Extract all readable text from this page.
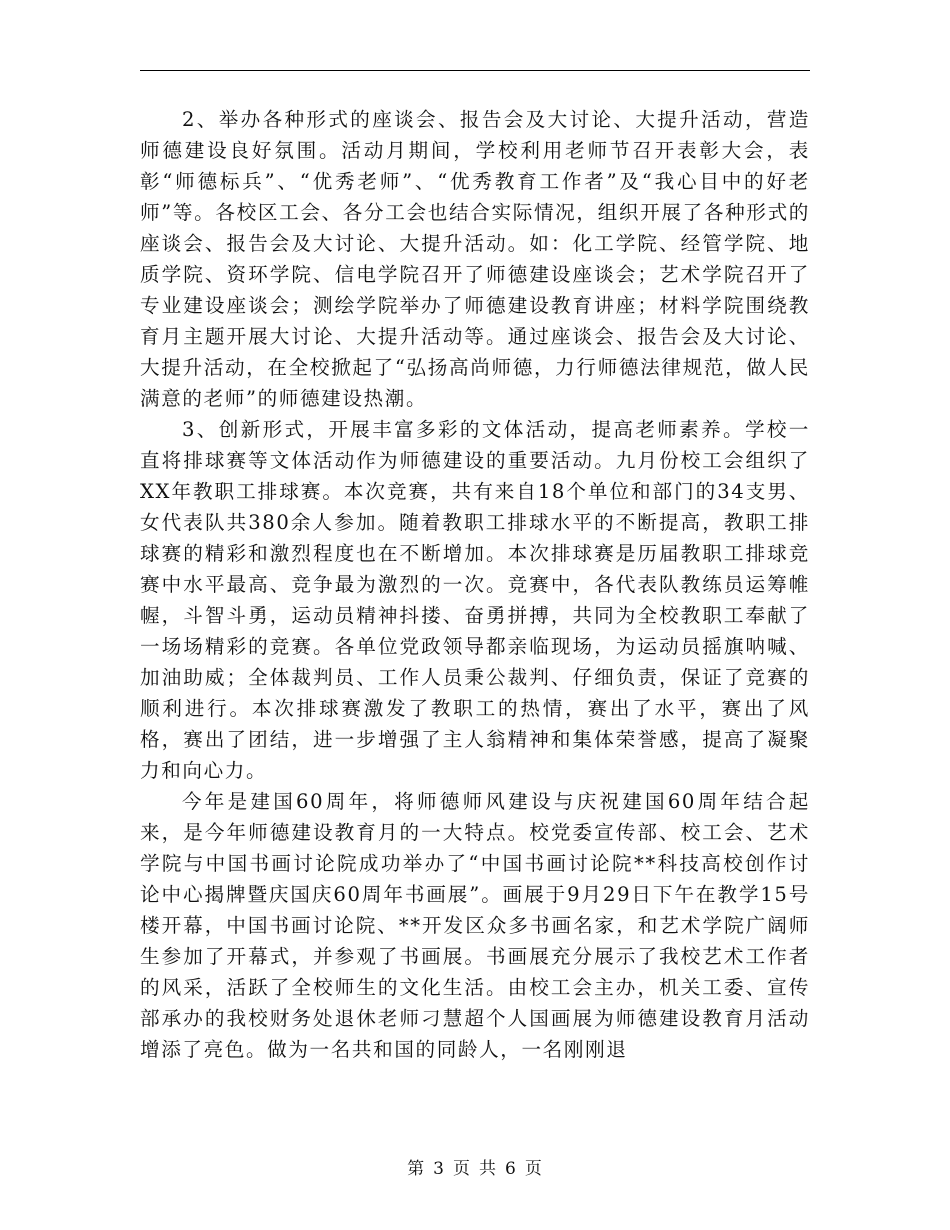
2、举办各种形式的座谈会、报告会及大讨论、大提升活动，营造师德建设良好氛围。活动月期间，学校利用老师节召开表彰大会，表彰“师德标兵”、“优秀老师”、“优秀教育工作者”及“我心目中的好老师”等。各校区工会、各分工会也结合实际情况，组织开展了各种形式的座谈会、报告会及大讨论、大提升活动。如：化工学院、经管学院、地质学院、资环学院、信电学院召开了师德建设座谈会；艺术学院召开了专业建设座谈会；测绘学院举办了师德建设教育讲座；材料学院围绕教育月主题开展大讨论、大提升活动等。通过座谈会、报告会及大讨论、大提升活动，在全校掀起了“弘扬高尚师德，力行师德法律规范，做人民满意的老师”的师德建设热潮。

3、创新形式，开展丰富多彩的文体活动，提高老师素养。学校一直将排球赛等文体活动作为师德建设的重要活动。九月份校工会组织了XX年教职工排球赛。本次竞赛，共有来自18个单位和部门的34支男、女代表队共380余人参加。随着教职工排球水平的不断提高，教职工排球赛的精彩和激烈程度也在不断增加。本次排球赛是历届教职工排球竞赛中水平最高、竞争最为激烈的一次。竞赛中，各代表队教练员运筹帷幄，斗智斗勇，运动员精神抖搂、奋勇拼搏，共同为全校教职工奉献了一场场精彩的竞赛。各单位党政领导都亲临现场，为运动员摇旗呐喊、加油助威；全体裁判员、工作人员秉公裁判、仔细负责，保证了竞赛的顺利进行。本次排球赛激发了教职工的热情，赛出了水平，赛出了风格，赛出了团结，进一步增强了主人翁精神和集体荣誉感，提高了凝聚力和向心力。

今年是建国60周年，将师德师风建设与庆祝建国60周年结合起来，是今年师德建设教育月的一大特点。校党委宣传部、校工会、艺术学院与中国书画讨论院成功举办了“中国书画讨论院**科技高校创作讨论中心揭牌暨庆国庆60周年书画展”。画展于9月29日下午在教学15号楼开幕，中国书画讨论院、**开发区众多书画名家，和艺术学院广阔师生参加了开幕式，并参观了书画展。书画展充分展示了我校艺术工作者的风采，活跃了全校师生的文化生活。由校工会主办，机关工委、宣传部承办的我校财务处退休老师刁慧超个人国画展为师德建设教育月活动增添了亮色。做为一名共和国的同龄人，一名刚刚退

第 3 页 共 6 页
